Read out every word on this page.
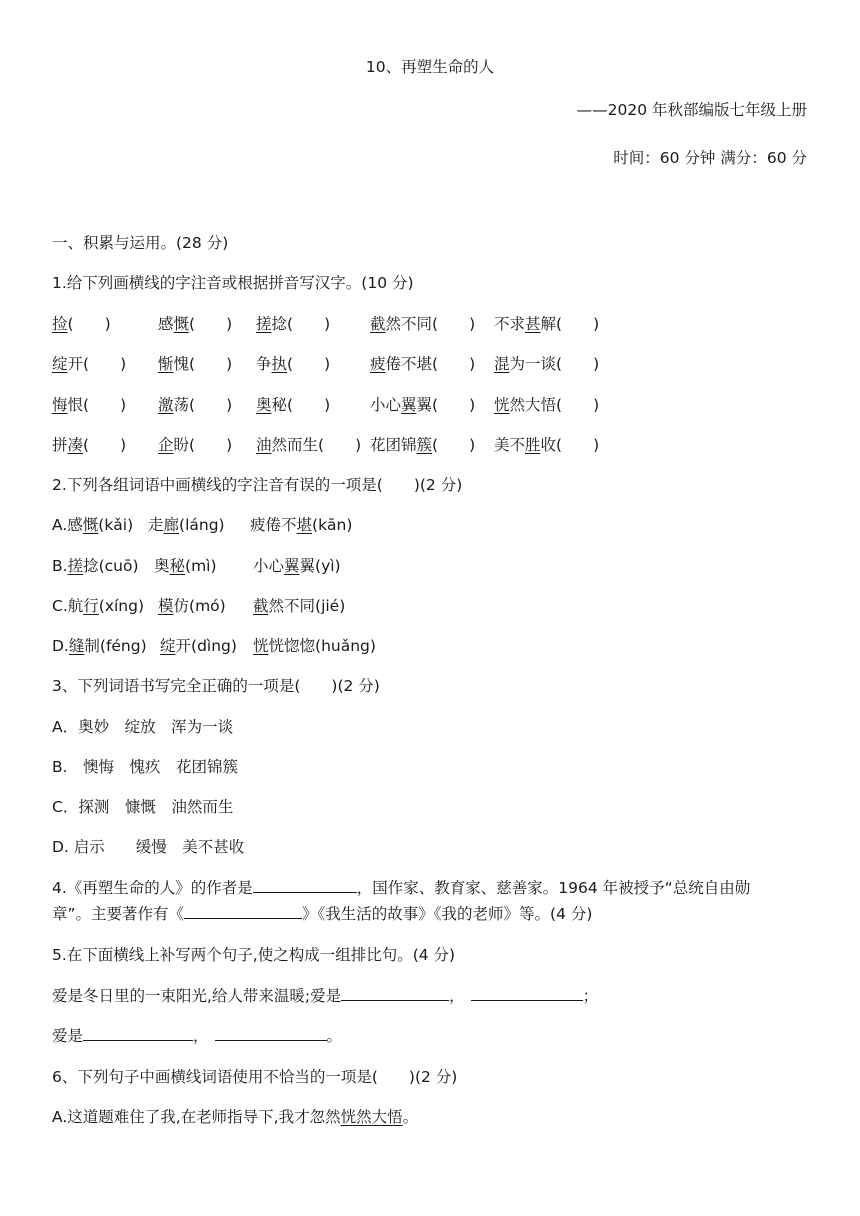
10、再塑生命的人
——2020 年秋部编版七年级上册
时间：60 分钟 满分：60 分
一、积累与运用。(28 分)
1.给下列画横线的字注音或根据拼音写汉字。(10 分)
捡(　　)	感慨(　　) 搓捻(　　)	截然不同(　　) 不求甚解(　　)
绽开(　　) 惭愧(　　) 争执(　　)	疲倦不堪(　　) 混为一谈(　　)
悔恨(　　) 激荡(　　) 奥秘(　　)	小心翼翼(　　) 恍然大悟(　　)
拼凑(　　) 企盼(　　) 油然而生(　　) 花团锦簇(　　) 美不胜收(　　)
2.下列各组词语中画横线的字注音有误的一项是(　　)(2 分)
A.感慨(kǎi) 走廊(láng) 疲倦不堪(kān)
B.搓捻(cuō) 奥秘(mì) 小心翼翼(yì)
C.航行(xíng) 模仿(mó) 截然不同(jié)
D.缝制(féng) 绽开(dìng) 恍恍惚惚(huǎng)
3、下列词语书写完全正确的一项是(　　)(2 分)
A．奥妙　绽放　浑为一谈
B.　懊悔　愧疚　花团锦簇
C．探测　慷慨　油然而生
D. 启示　　缓慢　美不甚收
4.《再塑生命的人》的作者是	，国作家、教育家、慈善家。1964 年被授予“总统自由勋
章”。主要著作有《	》《我生活的故事》《我的老师》等。(4 分)
5.在下面横线上补写两个句子,使之构成一组排比句。(4 分)
爱是冬日里的一束阳光,给人带来温暖;爱是	，	；
爱是	，	。
6、下列句子中画横线词语使用不恰当的一项是(　　)(2 分)
A.这道题难住了我,在老师指导下,我才忽然恍然大悟。
